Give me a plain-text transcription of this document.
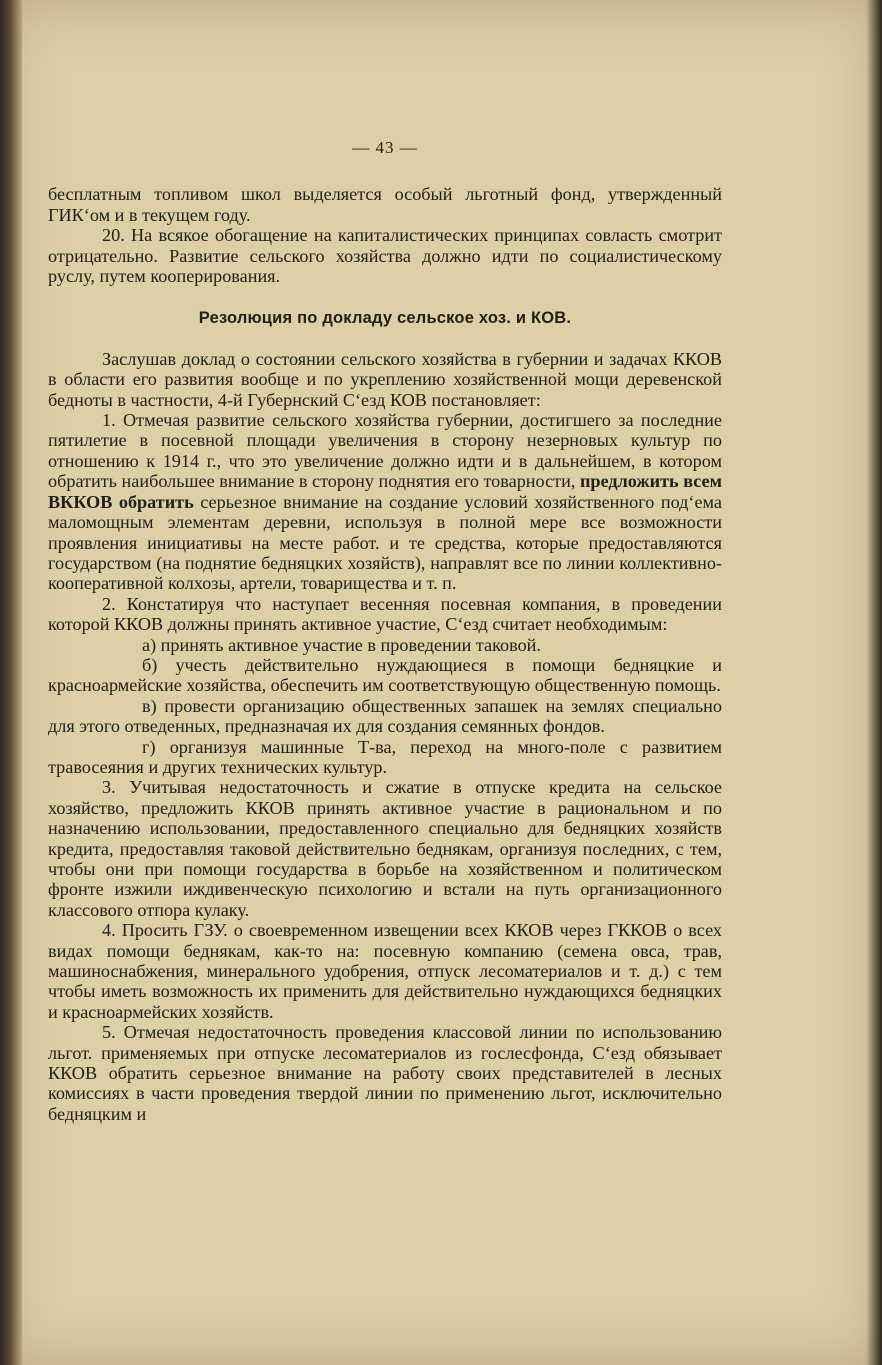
— 43 —

бесплатным топливом школ выделяется особый льготный фонд, утвержденный ГИК‘ом и в текущем году.

20. На всякое обогащение на капиталистических принципах совласть смотрит отрицательно. Развитие сельского хозяйства должно идти по социалистическому руслу, путем кооперирования.

Резолюция по докладу сельское хоз. и КОВ.

Заслушав доклад о состоянии сельского хозяйства в губернии и задачах ККОВ в области его развития вообще и по укреплению хозяйственной мощи деревенской бедноты в частности, 4-й Губернский С‘езд КОВ постановляет:

1. Отмечая развитие сельского хозяйства губернии, достигшего за последние пятилетие в посевной площади увеличения в сторону незерновых культур по отношению к 1914 г., что это увеличение должно идти и в дальнейшем, в котором обратить наибольшее внимание в сторону поднятия его товарности, предложить всем ВККОВ обратить серьезное внимание на создание условий хозяйственного под‘ема маломощным элементам деревни, используя в полной мере все возможности проявления инициативы на месте работ. и те средства, которые предоставляются государством (на поднятие бедняцких хозяйств), направлят все по линии коллективно-кооперативной колхозы, артели, товарищества и т. п.

2. Констатируя что наступает весенняя посевная компания, в проведении которой ККОВ должны принять активное участие, С‘езд считает необходимым:

а) принять активное участие в проведении таковой.

б) учесть действительно нуждающиеся в помощи бедняцкие и красноармейские хозяйства, обеспечить им соответствующую общественную помощь.

в) провести организацию общественных запашек на землях специально для этого отведенных, предназначая их для создания семянных фондов.

г) организуя машинные Т-ва, переход на много-поле с развитием травосеяния и других технических культур.

3. Учитывая недостаточность и сжатие в отпуске кредита на сельское хозяйство, предложить ККОВ принять активное участие в рациональном и по назначению использовании, предоставленного специально для бедняцких хозяйств кредита, предоставляя таковой действительно беднякам, организуя последних, с тем, чтобы они при помощи государства в борьбе на хозяйственном и политическом фронте изжили иждивенческую психологию и встали на путь организационного классового отпора кулаку.

4. Просить ГЗУ. о своевременном извещении всех ККОВ через ГККОВ о всех видах помощи беднякам, как-то на: посевную компанию (семена овса, трав, машиноснабжения, минерального удобрения, отпуск лесоматериалов и т. д.) с тем чтобы иметь возможность их применить для действительно нуждающихся бедняцких и красноармейских хозяйств.

5. Отмечая недостаточность проведения классовой линии по использованию льгот. применяемых при отпуске лесоматериалов из гослесфонда, С‘езд обязывает ККОВ обратить серьезное внимание на работу своих представителей в лесных комиссиях в части проведения твердой линии по применению льгот, исключительно бедняцким и
